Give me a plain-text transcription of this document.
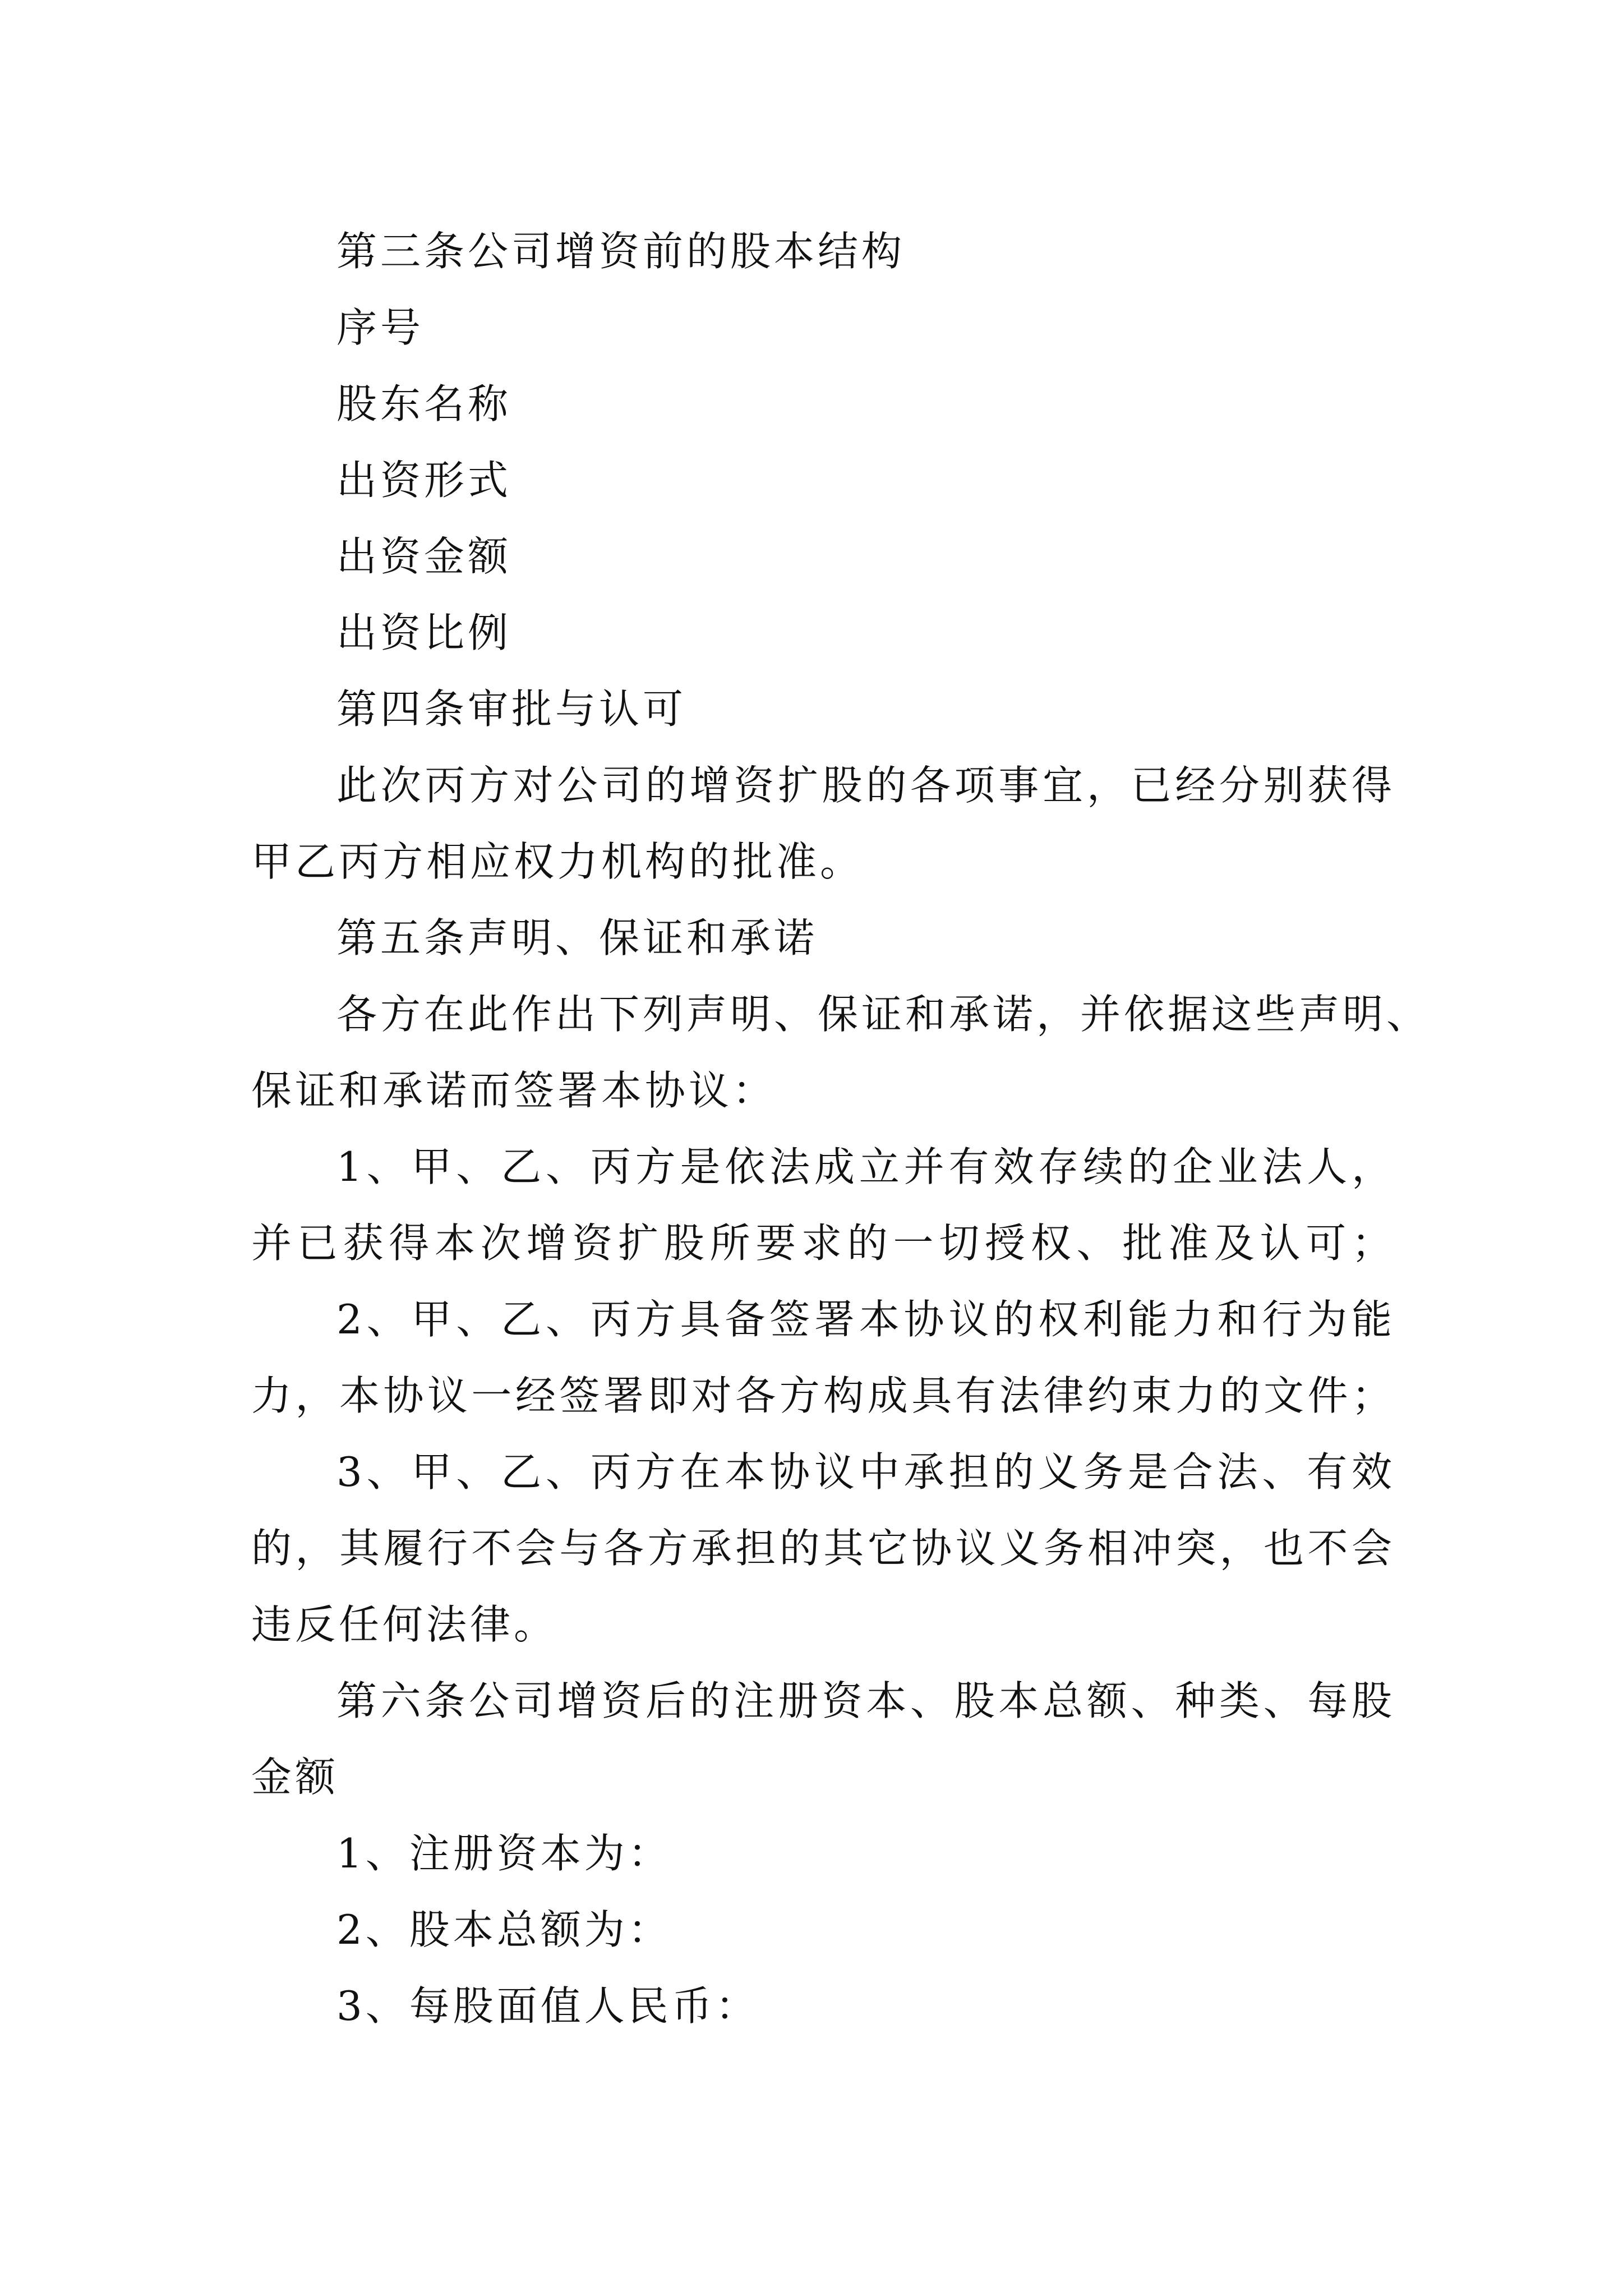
第三条公司增资前的股本结构
序号
股东名称
出资形式
出资金额
出资比例
第四条审批与认可
此次丙方对公司的增资扩股的各项事宜，已经分别获得
甲乙丙方相应权力机构的批准。
第五条声明、保证和承诺
各方在此作出下列声明、保证和承诺，并依据这些声明、
保证和承诺而签署本协议：
1、甲、乙、丙方是依法成立并有效存续的企业法人，
并已获得本次增资扩股所要求的一切授权、批准及认可；
2、甲、乙、丙方具备签署本协议的权利能力和行为能
力，本协议一经签署即对各方构成具有法律约束力的文件；
3、甲、乙、丙方在本协议中承担的义务是合法、有效
的，其履行不会与各方承担的其它协议义务相冲突，也不会
违反任何法律。
第六条公司增资后的注册资本、股本总额、种类、每股
金额
1、注册资本为：
2、股本总额为：
3、每股面值人民币：
